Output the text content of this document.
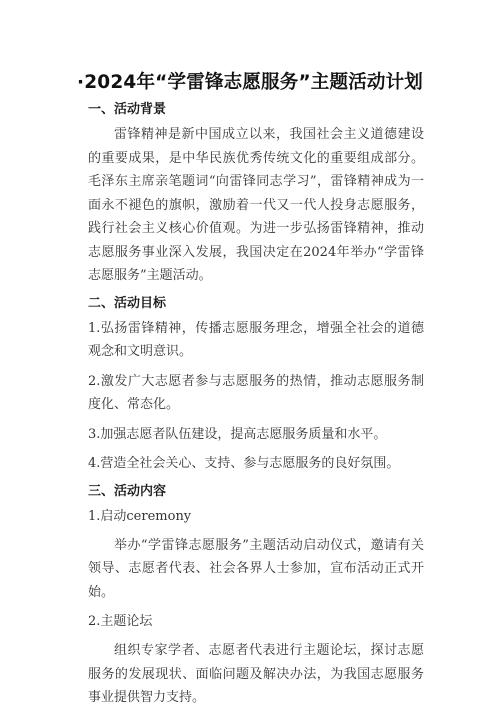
·2024年“学雷锋志愿服务”主题活动计划
一、活动背景

雷锋精神是新中国成立以来，我国社会主义道德建设的重要成果，是中华民族优秀传统文化的重要组成部分。毛泽东主席亲笔题词“向雷锋同志学习”，雷锋精神成为一面永不褪色的旗帜，激励着一代又一代人投身志愿服务，践行社会主义核心价值观。为进一步弘扬雷锋精神，推动志愿服务事业深入发展，我国决定在2024年举办“学雷锋志愿服务”主题活动。

二、活动目标

1.弘扬雷锋精神，传播志愿服务理念，增强全社会的道德观念和文明意识。

2.激发广大志愿者参与志愿服务的热情，推动志愿服务制度化、常态化。

3.加强志愿者队伍建设，提高志愿服务质量和水平。

4.营造全社会关心、支持、参与志愿服务的良好氛围。

三、活动内容

1.启动ceremony

举办“学雷锋志愿服务”主题活动启动仪式，邀请有关领导、志愿者代表、社会各界人士参加，宣布活动正式开始。

2.主题论坛

组织专家学者、志愿者代表进行主题论坛，探讨志愿服务的发展现状、面临问题及解决办法，为我国志愿服务事业提供智力支持。
